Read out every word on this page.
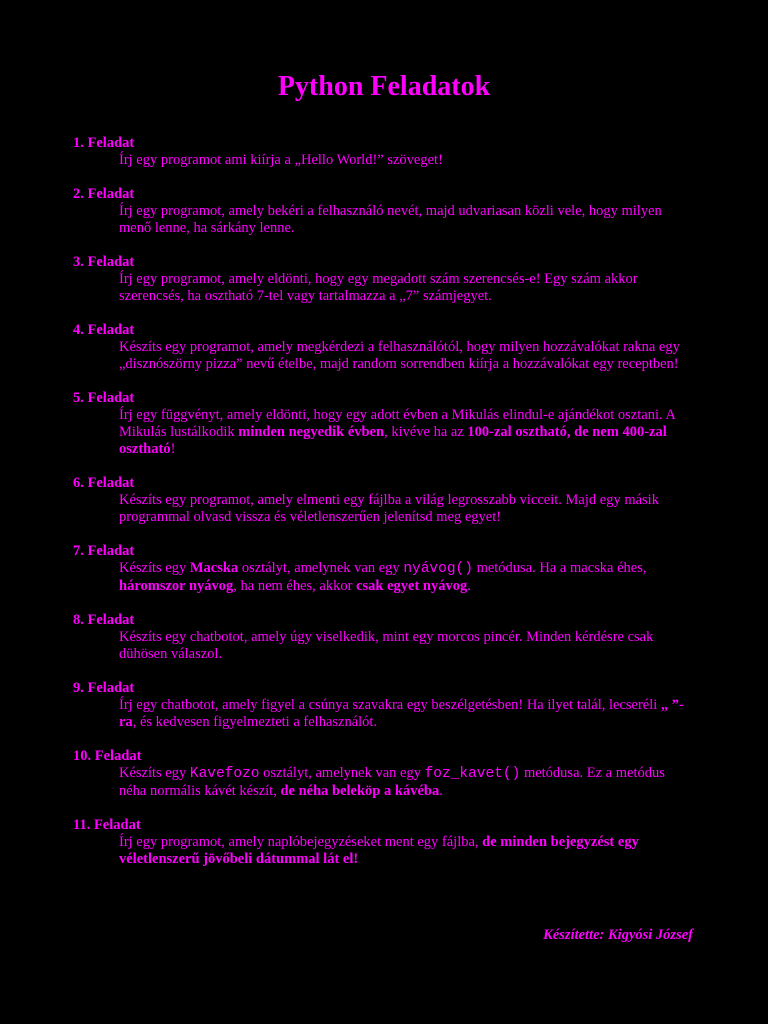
Python Feladatok
1. Feladat
Írj egy programot ami kiírja a „Hello World!” szöveget!
2. Feladat
Írj egy programot, amely bekéri a felhasználó nevét, majd udvariasan közli vele, hogy milyen menő lenne, ha sárkány lenne.
3. Feladat
Írj egy programot, amely eldönti, hogy egy megadott szám szerencsés-e! Egy szám akkor szerencsés, ha osztható 7-tel vagy tartalmazza a „7” számjegyet.
4. Feladat
Készíts egy programot, amely megkérdezi a felhasználótól, hogy milyen hozzávalókat rakna egy „disznószörny pizza” nevű ételbe, majd random sorrendben kiírja a hozzávalókat egy receptben!
5. Feladat
Írj egy függvényt, amely eldönti, hogy egy adott évben a Mikulás elindul-e ajándékot osztani. A Mikulás lustálkodik minden negyedik évben, kivéve ha az 100-zal osztható, de nem 400-zal osztható!
6. Feladat
Készíts egy programot, amely elmenti egy fájlba a világ legrosszabb vicceit. Majd egy másik programmal olvasd vissza és véletlenszerűen jelenítsd meg egyet!
7. Feladat
Készíts egy Macska osztályt, amelynek van egy nyávog() metódusa. Ha a macska éhes, háromszor nyávog, ha nem éhes, akkor csak egyet nyávog.
8. Feladat
Készíts egy chatbotot, amely úgy viselkedik, mint egy morcos pincér. Minden kérdésre csak dühösen válaszol.
9. Feladat
Írj egy chatbotot, amely figyel a csúnya szavakra egy beszélgetésben! Ha ilyet talál, lecseréli „ ”-ra, és kedvesen figyelmezteti a felhasználót.
10. Feladat
Készíts egy Kavefozo osztályt, amelynek van egy foz_kavet() metódusa. Ez a metódus néha normális kávét készít, de néha beleköp a kávéba.
11. Feladat
Írj egy programot, amely naplóbejegyzéseket ment egy fájlba, de minden bejegyzést egy véletlenszerű jövőbeli dátummal lát el!
Készítette: Kigyósi József
